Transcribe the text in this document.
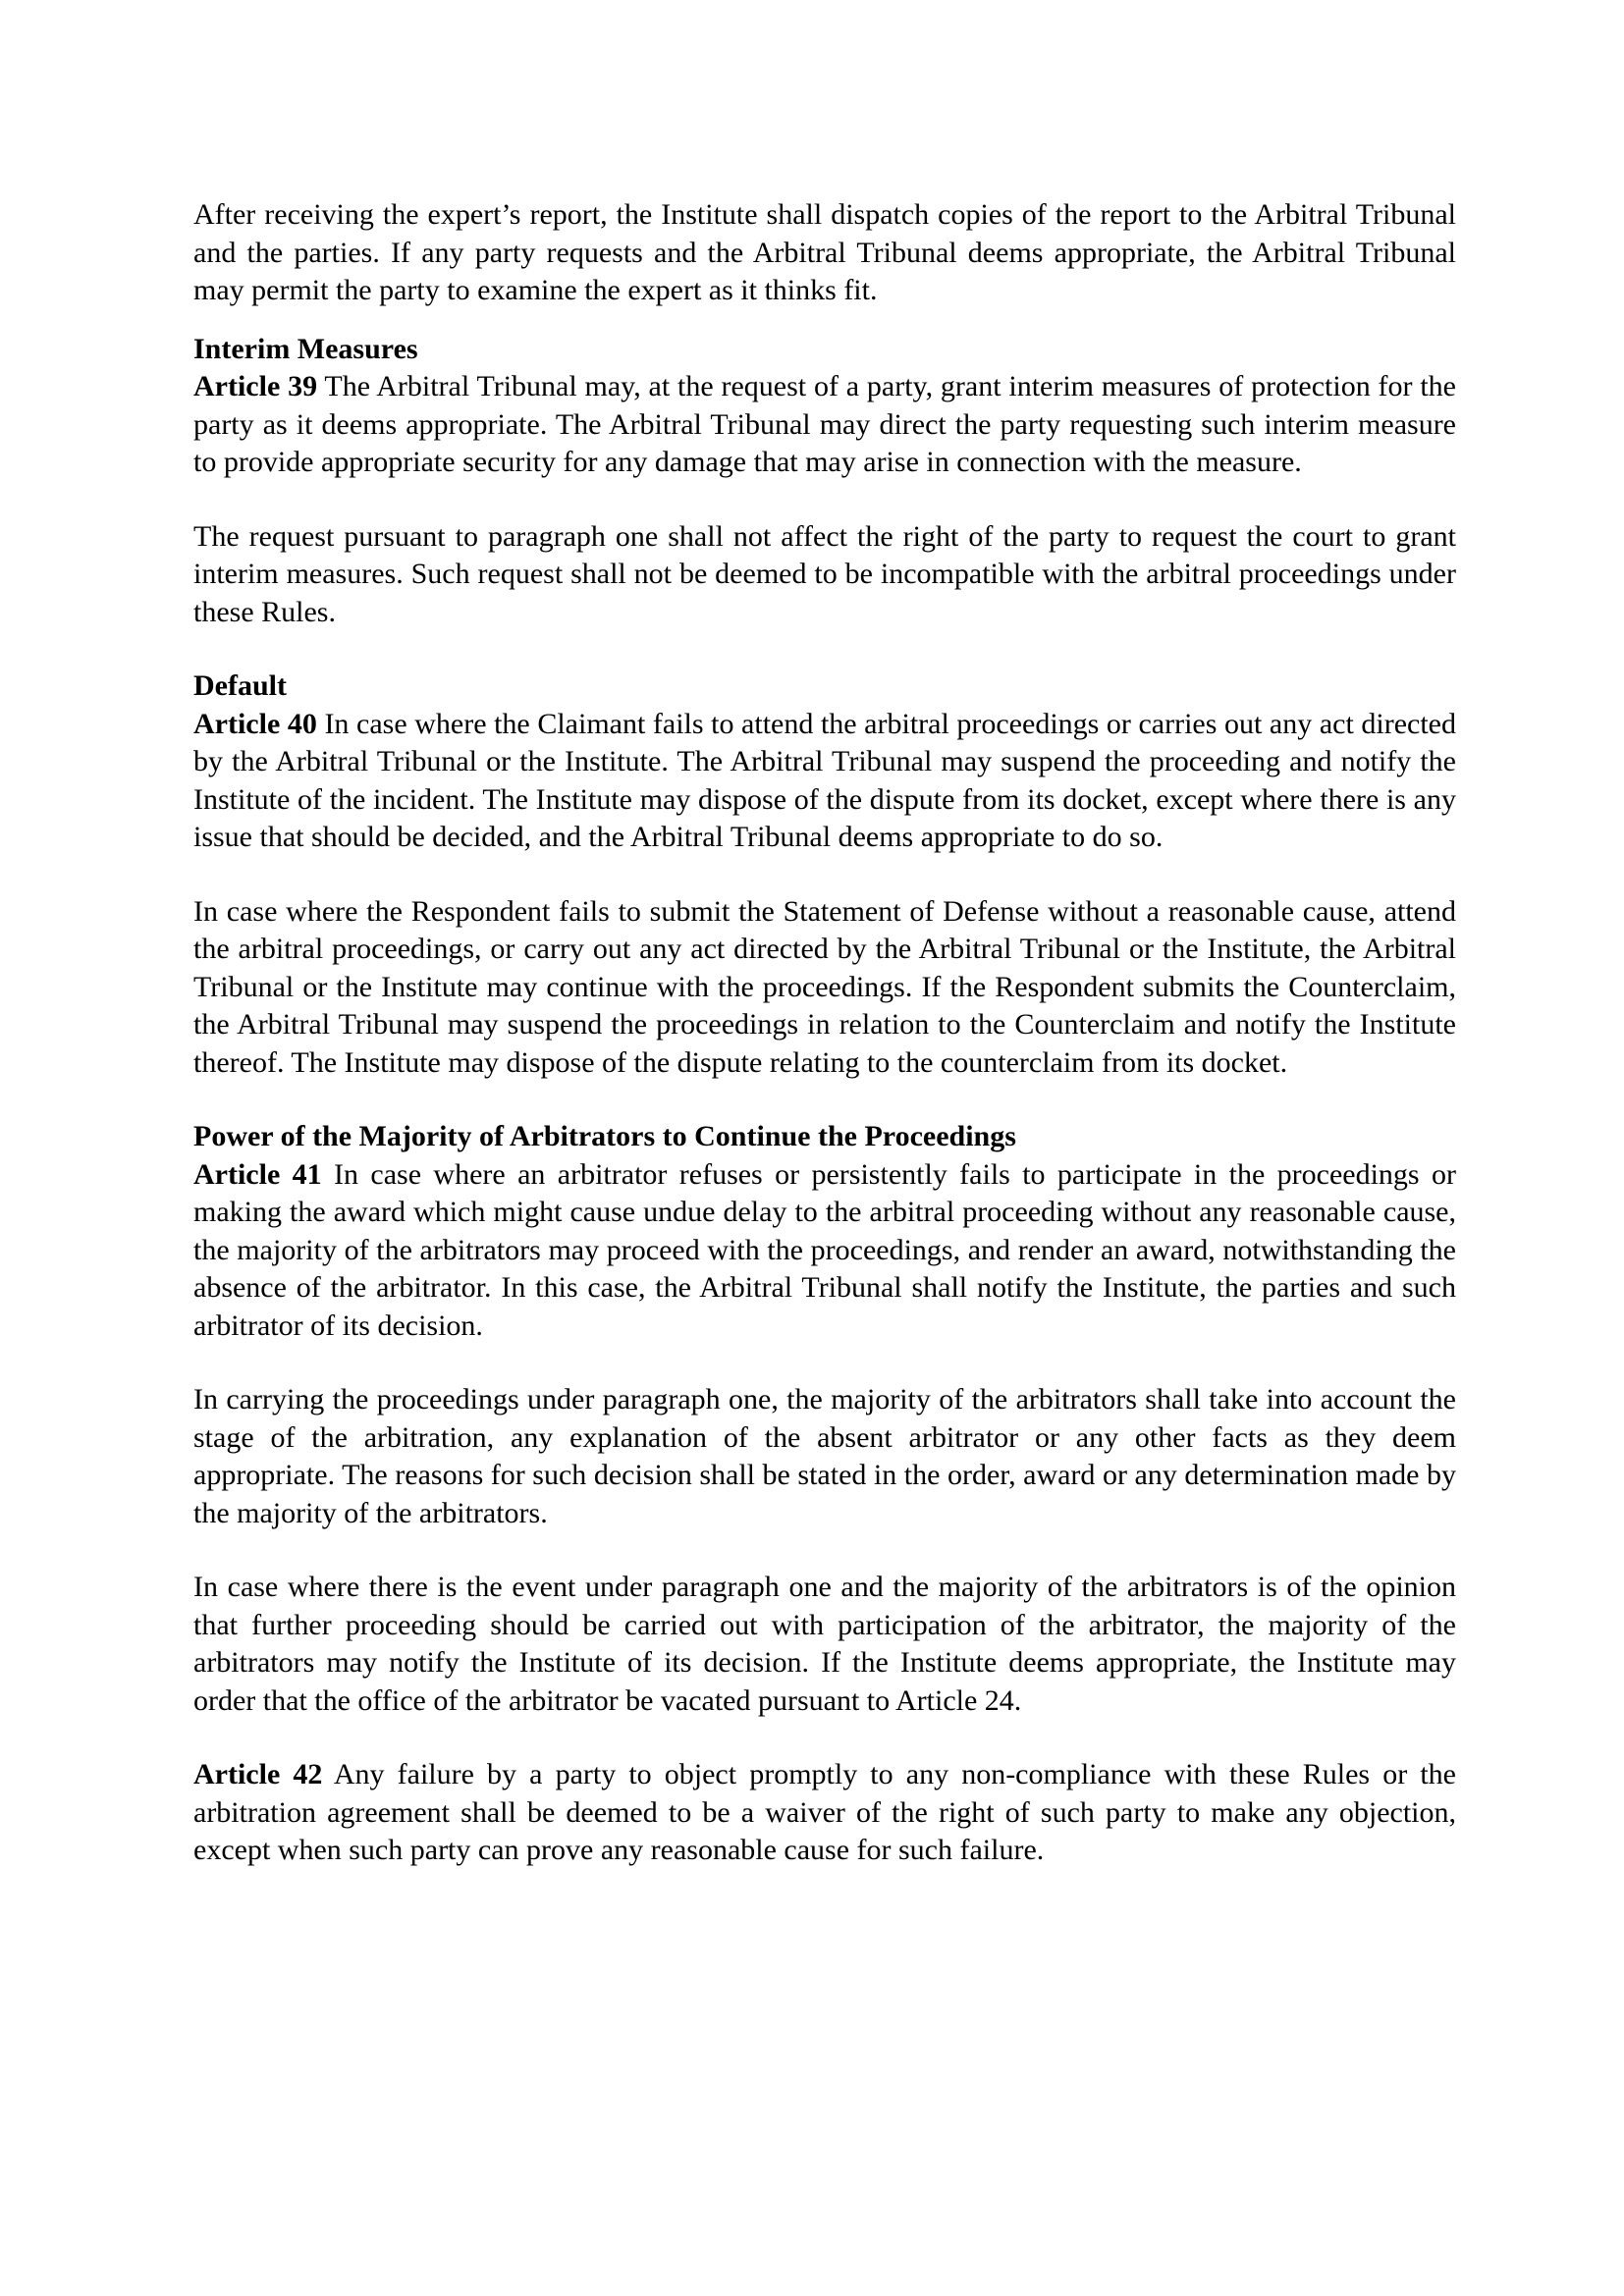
After receiving the expert’s report, the Institute shall dispatch copies of the report to the Arbitral Tribunal and the parties. If any party requests and the Arbitral Tribunal deems appropriate, the Arbitral Tribunal may permit the party to examine the expert as it thinks fit.
Interim Measures
Article 39 The Arbitral Tribunal may, at the request of a party, grant interim measures of protection for the party as it deems appropriate. The Arbitral Tribunal may direct the party requesting such interim measure to provide appropriate security for any damage that may arise in connection with the measure.
The request pursuant to paragraph one shall not affect the right of the party to request the court to grant interim measures. Such request shall not be deemed to be incompatible with the arbitral proceedings under these Rules.
Default
Article 40 In case where the Claimant fails to attend the arbitral proceedings or carries out any act directed by the Arbitral Tribunal or the Institute. The Arbitral Tribunal may suspend the proceeding and notify the Institute of the incident. The Institute may dispose of the dispute from its docket, except where there is any issue that should be decided, and the Arbitral Tribunal deems appropriate to do so.
In case where the Respondent fails to submit the Statement of Defense without a reasonable cause, attend the arbitral proceedings, or carry out any act directed by the Arbitral Tribunal or the Institute, the Arbitral Tribunal or the Institute may continue with the proceedings. If the Respondent submits the Counterclaim, the Arbitral Tribunal may suspend the proceedings in relation to the Counterclaim and notify the Institute thereof. The Institute may dispose of the dispute relating to the counterclaim from its docket.
Power of the Majority of Arbitrators to Continue the Proceedings
Article 41 In case where an arbitrator refuses or persistently fails to participate in the proceedings or making the award which might cause undue delay to the arbitral proceeding without any reasonable cause, the majority of the arbitrators may proceed with the proceedings, and render an award, notwithstanding the absence of the arbitrator. In this case, the Arbitral Tribunal shall notify the Institute, the parties and such arbitrator of its decision.
In carrying the proceedings under paragraph one, the majority of the arbitrators shall take into account the stage of the arbitration, any explanation of the absent arbitrator or any other facts as they deem appropriate. The reasons for such decision shall be stated in the order, award or any determination made by the majority of the arbitrators.
In case where there is the event under paragraph one and the majority of the arbitrators is of the opinion that further proceeding should be carried out with participation of the arbitrator, the majority of the arbitrators may notify the Institute of its decision. If the Institute deems appropriate, the Institute may order that the office of the arbitrator be vacated pursuant to Article 24.
Article 42 Any failure by a party to object promptly to any non-compliance with these Rules or the arbitration agreement shall be deemed to be a waiver of the right of such party to make any objection, except when such party can prove any reasonable cause for such failure.
